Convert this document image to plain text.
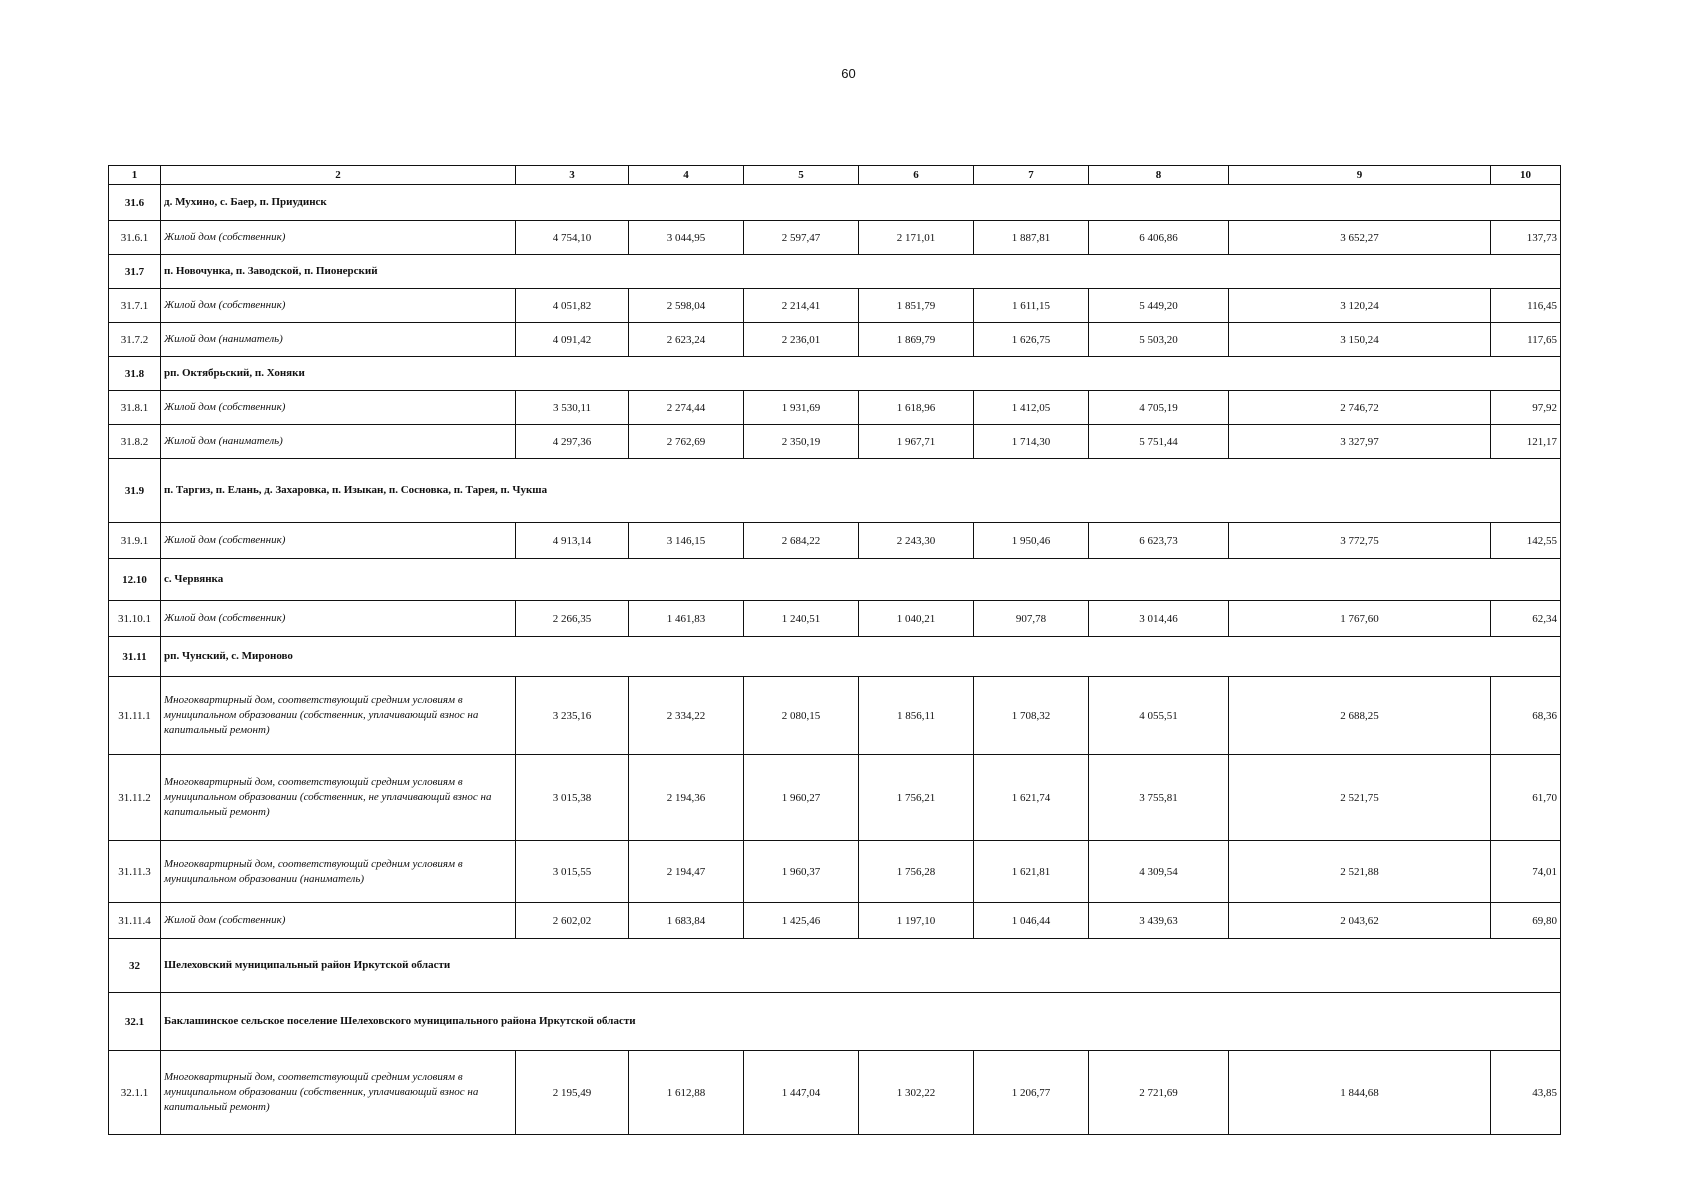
60
1	2	3	4	5	6	7	8	9	10
31.6	д. Мухино, с. Баер, п. Приудинск								
31.6.1	Жилой дом (собственник)	4 754,10	3 044,95	2 597,47	2 171,01	1 887,81	6 406,86	3 652,27	137,73
31.7	п. Новочунка, п. Заводской, п. Пионерский								
31.7.1	Жилой дом (собственник)	4 051,82	2 598,04	2 214,41	1 851,79	1 611,15	5 449,20	3 120,24	116,45
31.7.2	Жилой дом (наниматель)	4 091,42	2 623,24	2 236,01	1 869,79	1 626,75	5 503,20	3 150,24	117,65
31.8	рп. Октябрьский, п. Хоняки								
31.8.1	Жилой дом (собственник)	3 530,11	2 274,44	1 931,69	1 618,96	1 412,05	4 705,19	2 746,72	97,92
31.8.2	Жилой дом (наниматель)	4 297,36	2 762,69	2 350,19	1 967,71	1 714,30	5 751,44	3 327,97	121,17
31.9	п. Таргиз, п. Елань, д. Захаровка, п. Изыкан, п. Сосновка, п. Тарея, п. Чукша								
31.9.1	Жилой дом (собственник)	4 913,14	3 146,15	2 684,22	2 243,30	1 950,46	6 623,73	3 772,75	142,55
12.10	с. Червянка								
31.10.1	Жилой дом (собственник)	2 266,35	1 461,83	1 240,51	1 040,21	907,78	3 014,46	1 767,60	62,34
31.11	рп. Чунский, с. Мироново								
31.11.1	Многоквартирный дом, соответствующий средним условиям в муниципальном образовании (собственник, уплачивающий взнос на капитальный ремонт)	3 235,16	2 334,22	2 080,15	1 856,11	1 708,32	4 055,51	2 688,25	68,36
31.11.2	Многоквартирный дом, соответствующий средним условиям в муниципальном образовании (собственник, не уплачивающий взнос на капитальный ремонт)	3 015,38	2 194,36	1 960,27	1 756,21	1 621,74	3 755,81	2 521,75	61,70
31.11.3	Многоквартирный дом, соответствующий средним условиям в муниципальном образовании (наниматель)	3 015,55	2 194,47	1 960,37	1 756,28	1 621,81	4 309,54	2 521,88	74,01
31.11.4	Жилой дом (собственник)	2 602,02	1 683,84	1 425,46	1 197,10	1 046,44	3 439,63	2 043,62	69,80
32	Шелеховский муниципальный район Иркутской области								
32.1	Баклашинское сельское поселение Шелеховского муниципального района Иркутской области								
32.1.1	Многоквартирный дом, соответствующий средним условиям в муниципальном образовании (собственник, уплачивающий взнос на капитальный ремонт)	2 195,49	1 612,88	1 447,04	1 302,22	1 206,77	2 721,69	1 844,68	43,85
